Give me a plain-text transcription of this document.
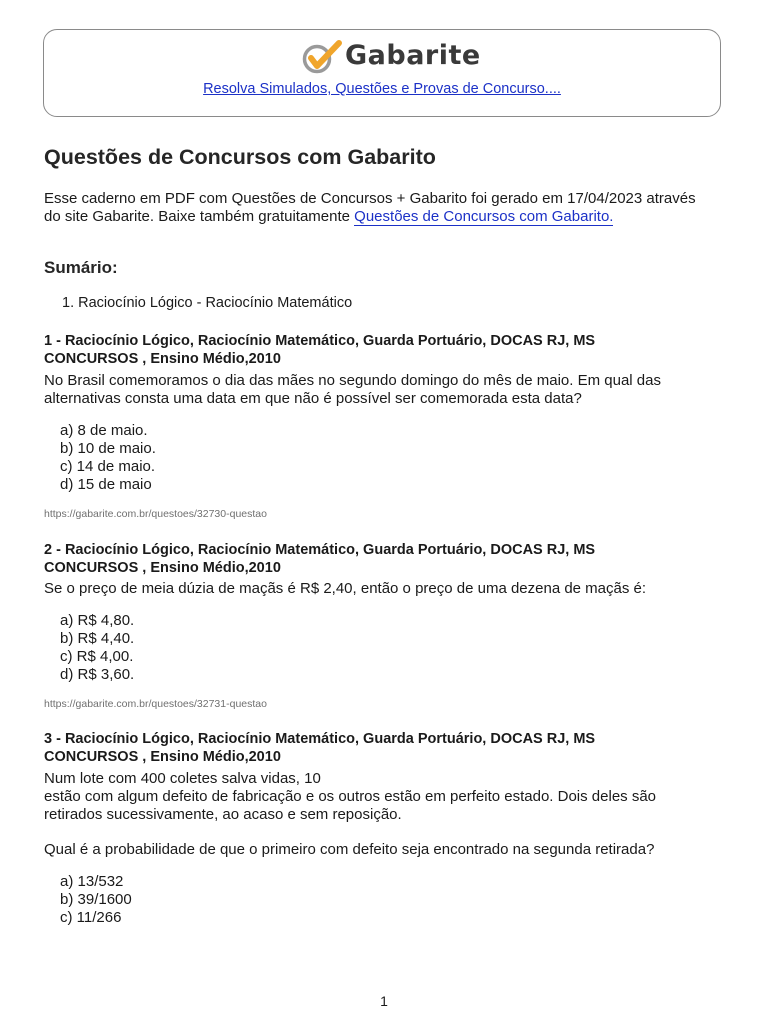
Gabarite
Resolva Simulados, Questões e Provas de Concurso....
Questões de Concursos com Gabarito

Esse caderno em PDF com Questões de Concursos + Gabarito foi gerado em 17/04/2023 através
do site Gabarite. Baixe também gratuitamente Questões de Concursos com Gabarito.

Sumário:
1. Raciocínio Lógico - Raciocínio Matemático

1 - Raciocínio Lógico, Raciocínio Matemático, Guarda Portuário, DOCAS RJ, MS
CONCURSOS , Ensino Médio,2010

No Brasil comemoramos o dia das mães no segundo domingo do mês de maio. Em qual das
alternativas consta uma data em que não é possível ser comemorada esta data?

a) 8 de maio.
b) 10 de maio.
c) 14 de maio.
d) 15 de maio
https://gabarite.com.br/questoes/32730-questao

2 - Raciocínio Lógico, Raciocínio Matemático, Guarda Portuário, DOCAS RJ, MS
CONCURSOS , Ensino Médio,2010

Se o preço de meia dúzia de maçãs é R$ 2,40, então o preço de uma dezena de maçãs é:

a) R$ 4,80.
b) R$ 4,40.
c) R$ 4,00.
d) R$ 3,60.
https://gabarite.com.br/questoes/32731-questao

3 - Raciocínio Lógico, Raciocínio Matemático, Guarda Portuário, DOCAS RJ, MS
CONCURSOS , Ensino Médio,2010

Num lote com 400 coletes salva vidas, 10
estão com algum defeito de fabricação e os outros estão em perfeito estado. Dois deles são
retirados sucessivamente, ao acaso e sem reposição.

Qual é a probabilidade de que o primeiro com defeito seja encontrado na segunda retirada?

a) 13/532
b) 39/1600
c) 11/266
1
